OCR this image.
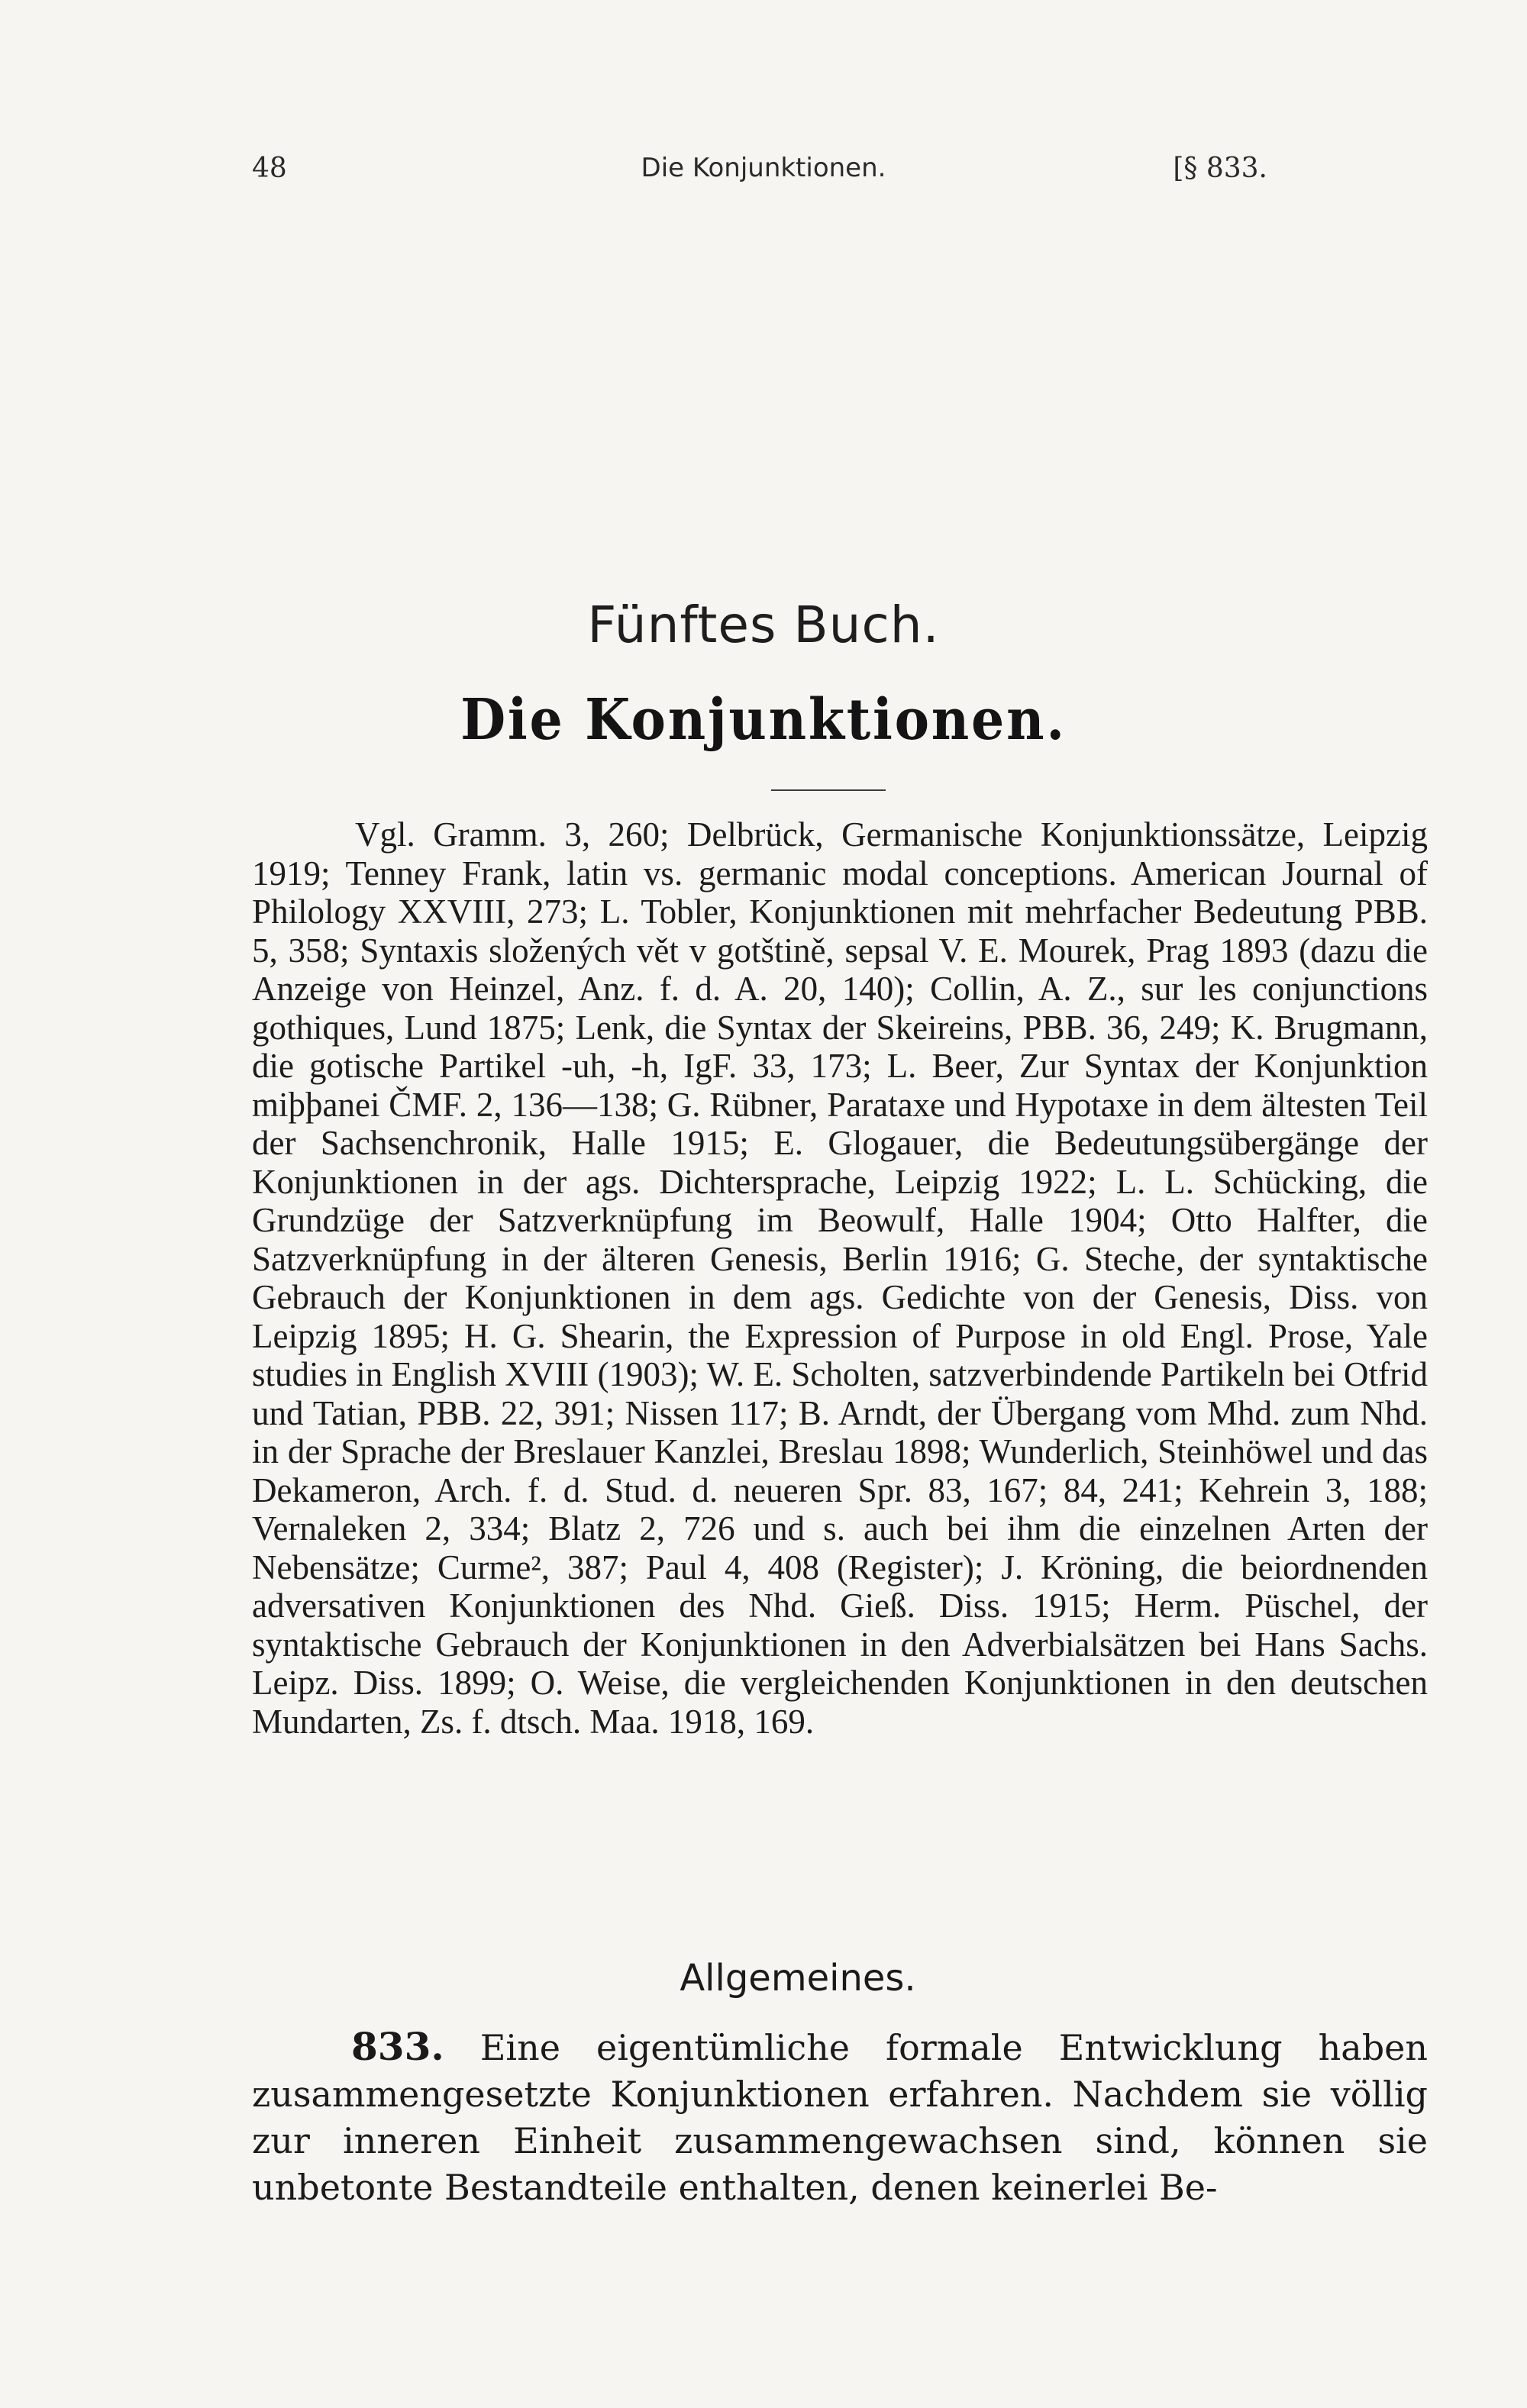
48	Die Konjunktionen.	[§ 833.
Fünftes Buch.
Die Konjunktionen.
Vgl. Gramm. 3, 260; Delbrück, Germanische Konjunktionssätze, Leipzig 1919; Tenney Frank, latin vs. germanic modal conceptions. American Journal of Philology XXVIII, 273; L. Tobler, Konjunktionen mit mehrfacher Bedeutung PBB. 5, 358; Syntaxis složených vět v gotštině, sepsal V. E. Mourek, Prag 1893 (dazu die Anzeige von Heinzel, Anz. f. d. A. 20, 140); Collin, A. Z., sur les conjunctions gothiques, Lund 1875; Lenk, die Syntax der Skeireins, PBB. 36, 249; K. Brugmann, die gotische Partikel -uh, -h, IgF. 33, 173; L. Beer, Zur Syntax der Konjunktion miþþanei ČMF. 2, 136—138; G. Rübner, Parataxe und Hypotaxe in dem ältesten Teil der Sachsenchronik, Halle 1915; E. Glogauer, die Bedeutungsübergänge der Konjunktionen in der ags. Dichtersprache, Leipzig 1922; L. L. Schücking, die Grundzüge der Satzverknüpfung im Beowulf, Halle 1904; Otto Halfter, die Satzverknüpfung in der älteren Genesis, Berlin 1916; G. Steche, der syntaktische Gebrauch der Konjunktionen in dem ags. Gedichte von der Genesis, Diss. von Leipzig 1895; H. G. Shearin, the Expression of Purpose in old Engl. Prose, Yale studies in English XVIII (1903); W. E. Scholten, satzverbindende Partikeln bei Otfrid und Tatian, PBB. 22, 391; Nissen 117; B. Arndt, der Übergang vom Mhd. zum Nhd. in der Sprache der Breslauer Kanzlei, Breslau 1898; Wunderlich, Steinhöwel und das Dekameron, Arch. f. d. Stud. d. neueren Spr. 83, 167; 84, 241; Kehrein 3, 188; Vernaleken 2, 334; Blatz 2, 726 und s. auch bei ihm die einzelnen Arten der Nebensätze; Curme², 387; Paul 4, 408 (Register); J. Kröning, die beiordnenden adversativen Konjunktionen des Nhd. Gieß. Diss. 1915; Herm. Püschel, der syntaktische Gebrauch der Konjunktionen in den Adverbialsätzen bei Hans Sachs. Leipz. Diss. 1899; O. Weise, die vergleichenden Konjunktionen in den deutschen Mundarten, Zs. f. dtsch. Maa. 1918, 169.
Allgemeines.
833. Eine eigentümliche formale Entwicklung haben zusammengesetzte Konjunktionen erfahren. Nachdem sie völlig zur inneren Einheit zusammengewachsen sind, können sie unbetonte Bestandteile enthalten, denen keinerlei Be-
